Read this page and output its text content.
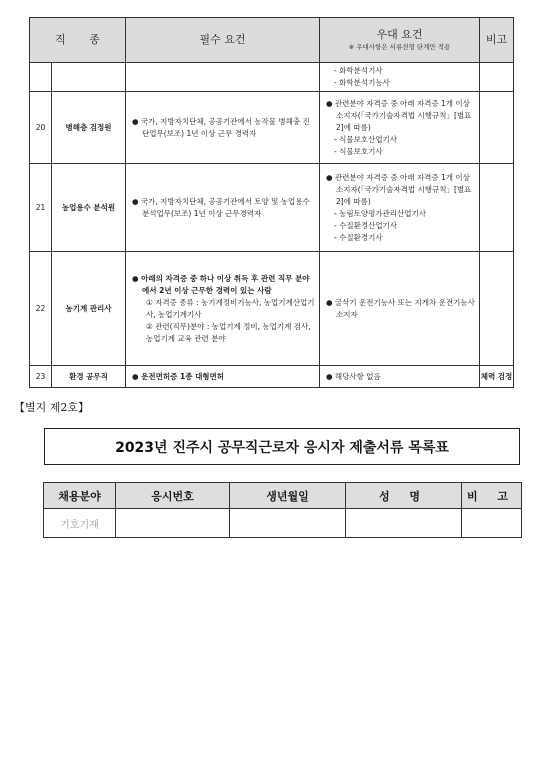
직 종		필수 요건	우대 요건
※ 우대사항은 서류전형 단계만 적용	비고

			- 화학분석기사
- 화학분석기능사	

20	병해충 검정원	● 국가, 지방자치단체, 공공기관에서 농작물 병해충 진단업무(보조) 1년 이상 근무 경력자	● 관련분야 자격증 중 아래 자격증 1개 이상 소지자(「국가기술자격법 시행규칙」[별표2]에 따름)
- 식물보호산업기사
- 식물보호기사	

21	농업용수 분석원	● 국가, 지방자치단체, 공공기관에서 토양 및 농업용수 분석업무(보조) 1년 이상 근무경력자	● 관련분야 자격증 중 아래 자격증 1개 이상 소지자(「국가기술자격법 시행규칙」[별표2]에 따름)
- 농림토양평가관리산업기사
- 수질환경산업기사
- 수질환경기사	

22	농기계 관리사	● 아래의 자격증 중 하나 이상 취득 후 관련 직무 분야에서 2년 이상 근무한 경력이 있는 사람
① 자격증 종류 : 농기계정비기능사, 농업기계산업기사, 농업기계기사
② 관련(직무)분야 : 농업기계 정비, 농업기계 검사, 농업기계 교육 관련 분야	● 굴삭기 운전기능사 또는 지게차 운전기능사 소지자	

23	환경 공무직	● 운전면허증 1종 대형면허	● 해당사항 없음	체력 검정
【별지 제2호】
2023년 진주시 공무직근로자 응시자 제출서류 목록표
채용분야	응시번호	생년월일	성 명	비 고
기호기재				
